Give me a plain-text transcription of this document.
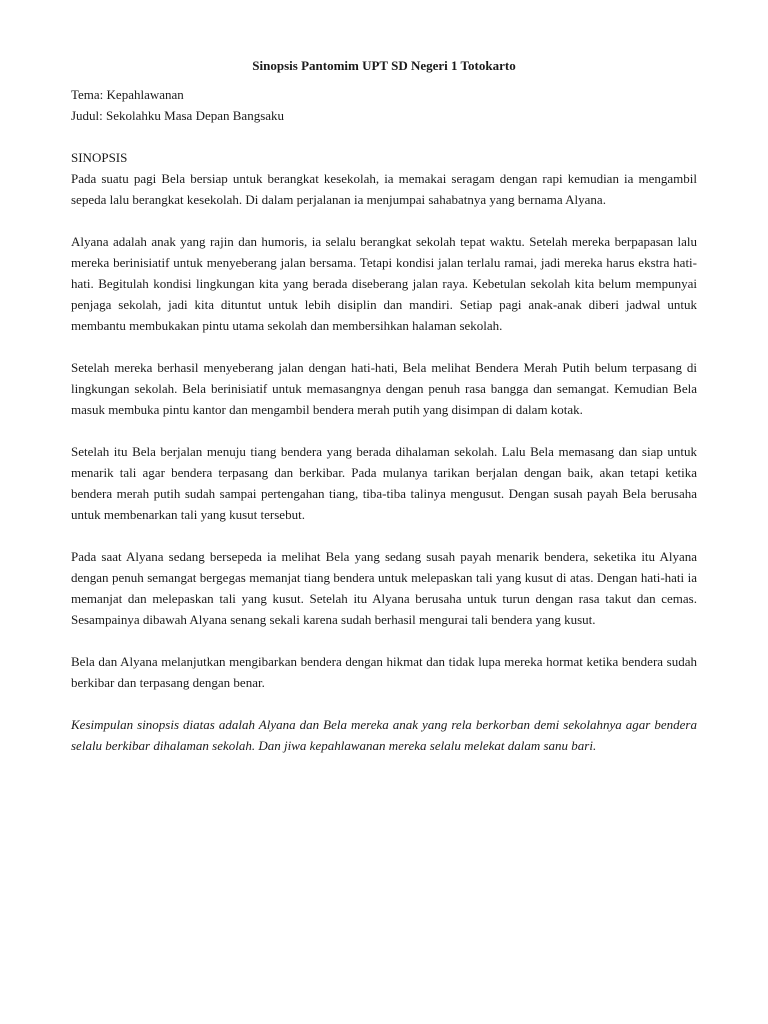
Sinopsis Pantomim UPT SD Negeri 1 Totokarto

Tema: Kepahlawanan

Judul: Sekolahku Masa Depan Bangsaku

SINOPSIS

Pada suatu pagi Bela bersiap untuk berangkat kesekolah, ia memakai seragam dengan rapi kemudian ia mengambil sepeda lalu berangkat kesekolah. Di dalam perjalanan ia menjumpai sahabatnya yang bernama Alyana.

Alyana adalah anak yang rajin dan humoris, ia selalu berangkat sekolah tepat waktu. Setelah mereka berpapasan lalu mereka berinisiatif untuk menyeberang jalan bersama. Tetapi kondisi jalan terlalu ramai, jadi mereka harus ekstra hati-hati. Begitulah kondisi lingkungan kita yang berada diseberang jalan raya. Kebetulan sekolah kita belum mempunyai penjaga sekolah, jadi kita dituntut untuk lebih disiplin dan mandiri. Setiap pagi anak-anak diberi jadwal untuk membantu membukakan pintu utama sekolah dan membersihkan halaman sekolah.

Setelah mereka berhasil menyeberang jalan dengan hati-hati, Bela melihat Bendera Merah Putih belum terpasang di lingkungan sekolah. Bela berinisiatif untuk memasangnya dengan penuh rasa bangga dan semangat. Kemudian Bela masuk membuka pintu kantor dan mengambil bendera merah putih yang disimpan di dalam kotak.

Setelah itu Bela berjalan menuju tiang bendera yang berada dihalaman sekolah. Lalu Bela memasang dan siap untuk menarik tali agar bendera terpasang dan berkibar. Pada mulanya tarikan berjalan dengan baik, akan tetapi ketika bendera merah putih sudah sampai pertengahan tiang, tiba-tiba talinya mengusut. Dengan susah payah Bela berusaha untuk membenarkan tali yang kusut tersebut.

Pada saat Alyana sedang bersepeda ia melihat Bela yang sedang susah payah menarik bendera, seketika itu Alyana dengan penuh semangat bergegas memanjat tiang bendera untuk melepaskan tali yang kusut di atas. Dengan hati-hati ia memanjat dan melepaskan tali yang kusut. Setelah itu Alyana berusaha untuk turun dengan rasa takut dan cemas. Sesampainya dibawah Alyana senang sekali karena sudah berhasil mengurai tali bendera yang kusut.

Bela dan Alyana melanjutkan mengibarkan bendera dengan hikmat dan tidak lupa mereka hormat ketika bendera sudah berkibar dan terpasang dengan benar.

Kesimpulan sinopsis diatas adalah Alyana dan Bela mereka anak yang rela berkorban demi sekolahnya agar bendera selalu berkibar dihalaman sekolah. Dan jiwa kepahlawanan mereka selalu melekat dalam sanu bari.
